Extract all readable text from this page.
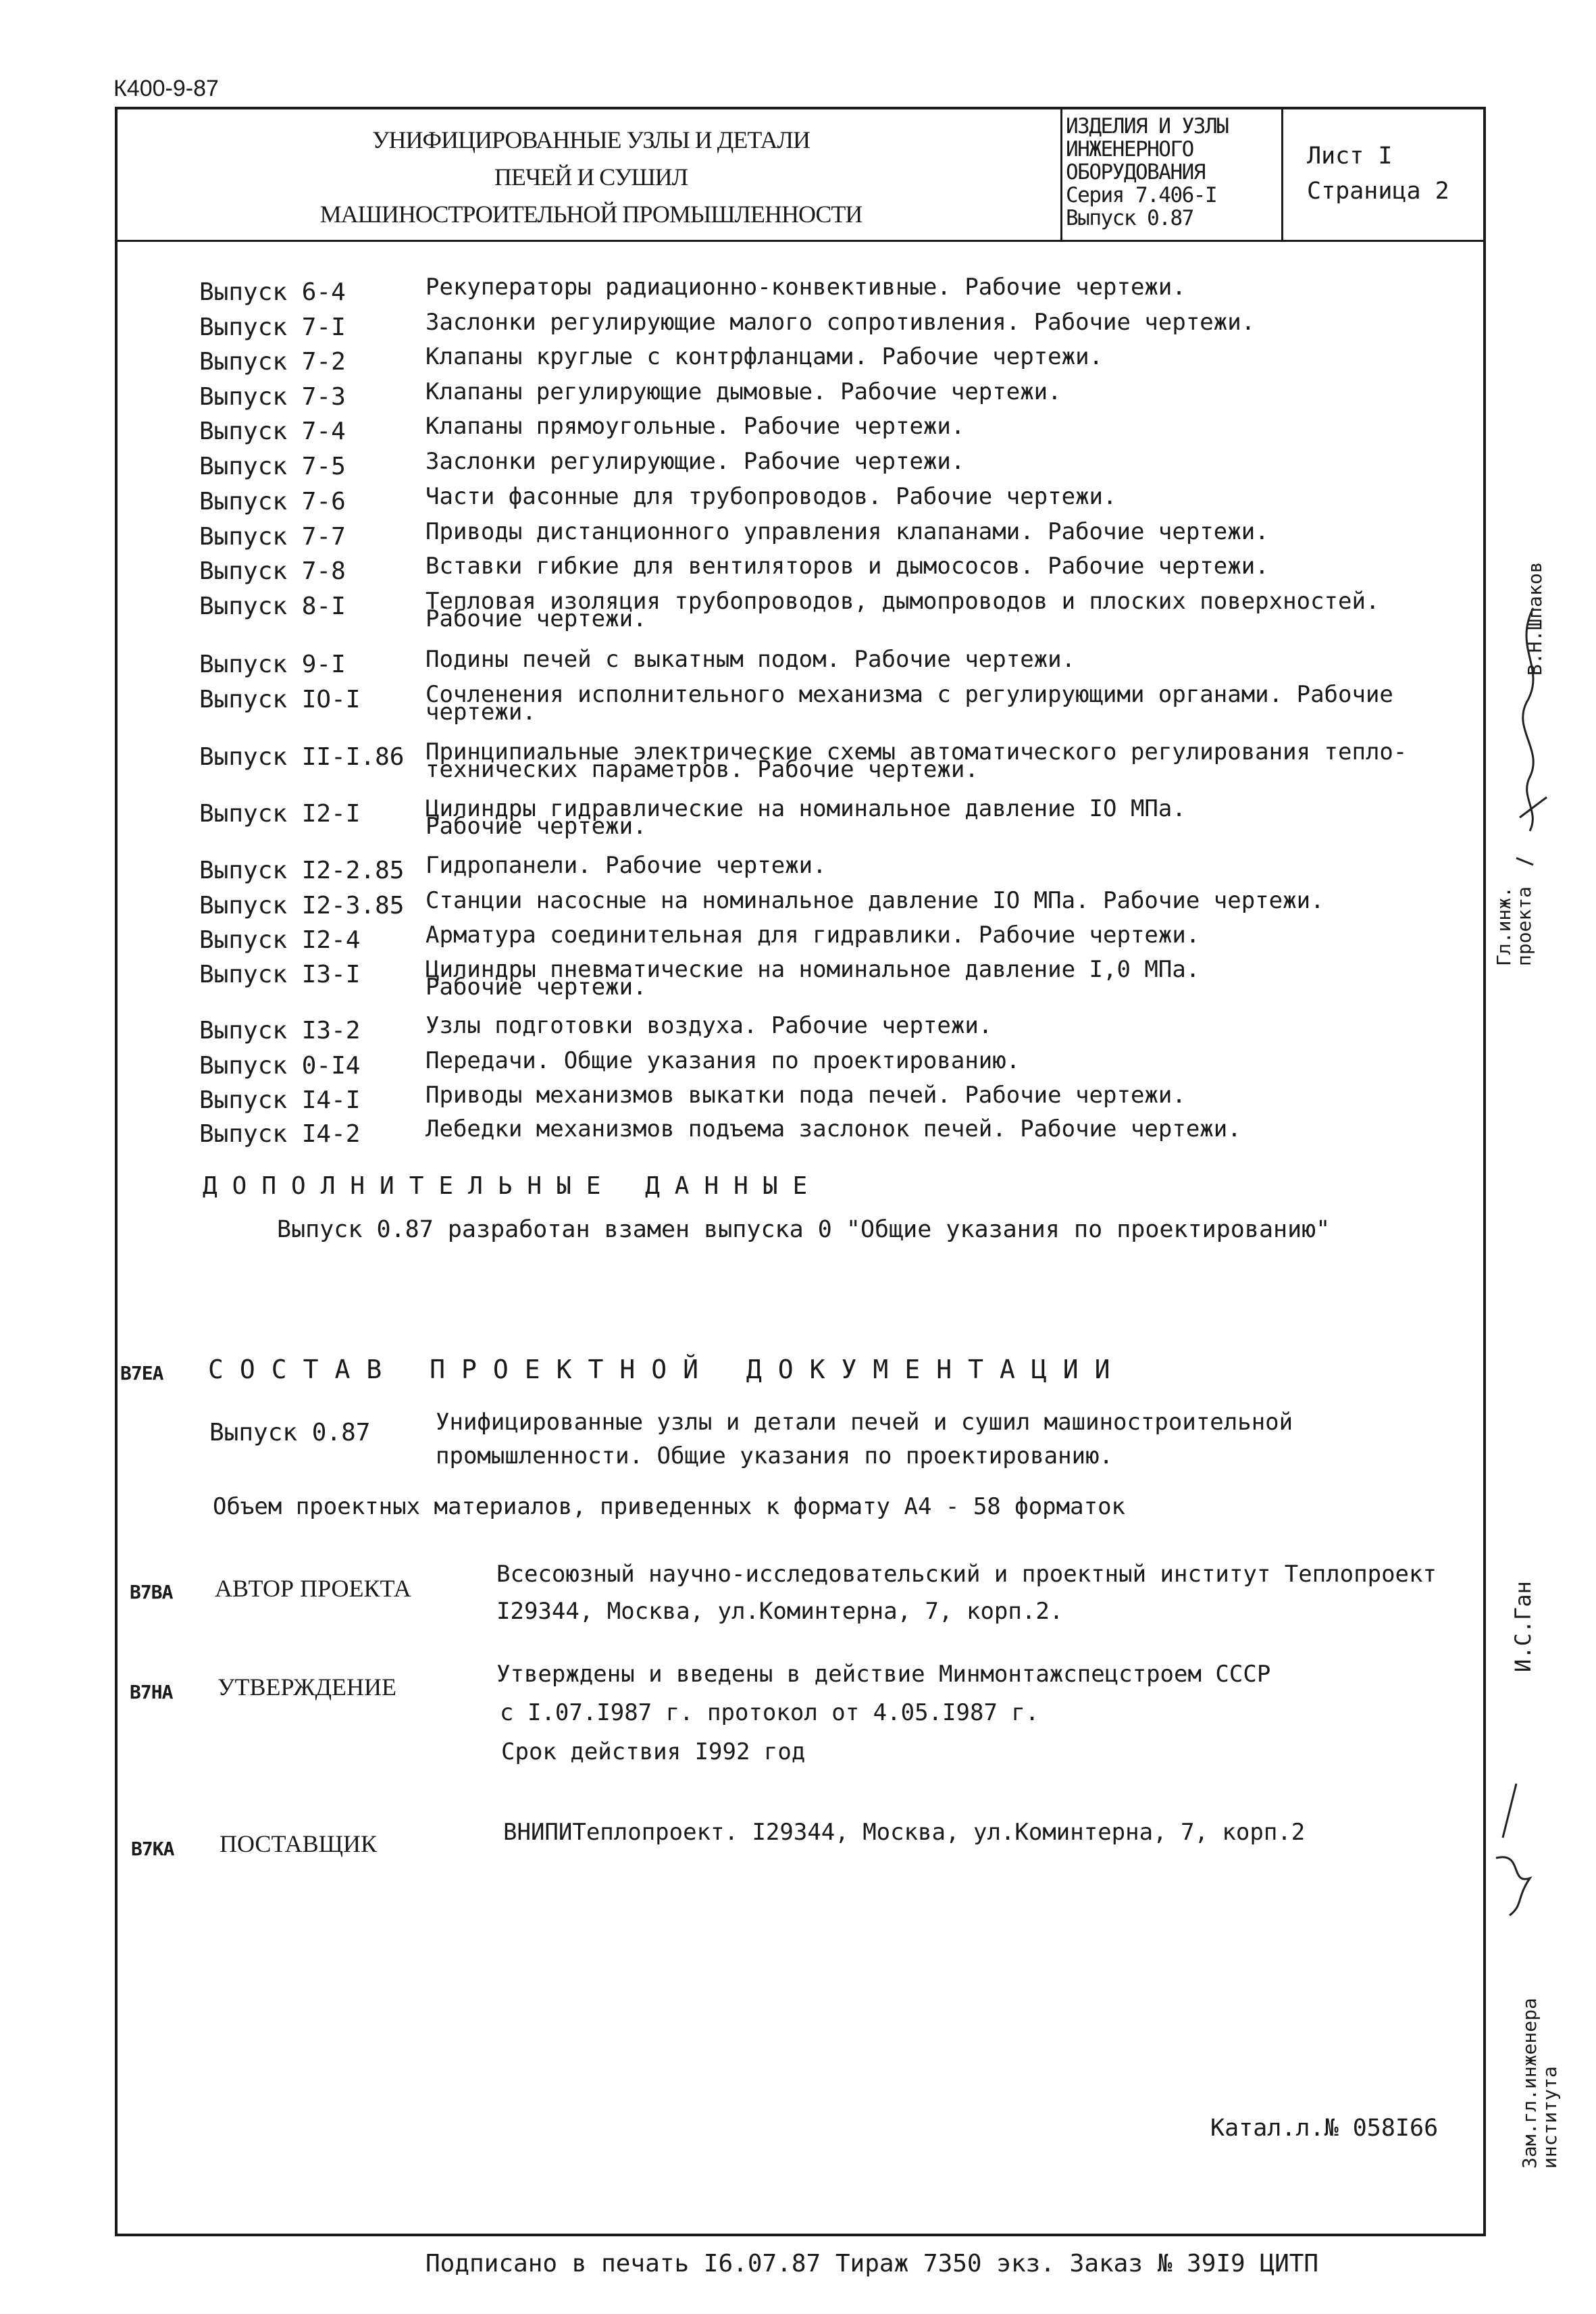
К400-9-87
УНИФИЦИРОВАННЫЕ УЗЛЫ И ДЕТАЛИ
ПЕЧЕЙ И СУШИЛ
МАШИНОСТРОИТЕЛЬНОЙ ПРОМЫШЛЕННОСТИ
ИЗДЕЛИЯ И УЗЛЫ
ИНЖЕНЕРНОГО
ОБОРУДОВАНИЯ
Серия 7.406-I
Выпуск 0.87
Лист I
Страница 2
Выпуск 6-4	Рекуператоры радиационно-конвективные. Рабочие чертежи.
Выпуск 7-I	Заслонки регулирующие малого сопротивления. Рабочие чертежи.
Выпуск 7-2	Клапаны круглые с контрфланцами. Рабочие чертежи.
Выпуск 7-3	Клапаны регулирующие дымовые. Рабочие чертежи.
Выпуск 7-4	Клапаны прямоугольные. Рабочие чертежи.
Выпуск 7-5	Заслонки регулирующие. Рабочие чертежи.
Выпуск 7-6	Части фасонные для трубопроводов. Рабочие чертежи.
Выпуск 7-7	Приводы дистанционного управления клапанами. Рабочие чертежи.
Выпуск 7-8	Вставки гибкие для вентиляторов и дымососов. Рабочие чертежи.
Выпуск 8-I	Тепловая изоляция трубопроводов, дымопроводов и плоских поверхностей.
Рабочие чертежи.
Выпуск 9-I	Подины печей с выкатным подом. Рабочие чертежи.
Выпуск IO-I	Сочленения исполнительного механизма с регулирующими органами. Рабочие
чертежи.
Выпуск II-I.86 Принципиальные электрические схемы автоматического регулирования тепло-
технических параметров. Рабочие чертежи.
Выпуск I2-I	Цилиндры гидравлические на номинальное давление IO МПа.
Рабочие чертежи.
Выпуск I2-2.85 Гидропанели. Рабочие чертежи.
Выпуск I2-3.85 Станции насосные на номинальное давление IO МПа. Рабочие чертежи.
Выпуск I2-4	Арматура соединительная для гидравлики. Рабочие чертежи.
Выпуск I3-I	Цилиндры пневматические на номинальное давление I,0 МПа.
Рабочие чертежи.
Выпуск I3-2	Узлы подготовки воздуха. Рабочие чертежи.
Выпуск 0-I4	Передачи. Общие указания по проектированию.
Выпуск I4-I	Приводы механизмов выкатки пода печей. Рабочие чертежи.
Выпуск I4-2	Лебедки механизмов подъема заслонок печей. Рабочие чертежи.
ДОПОЛНИТЕЛЬНЫЕ ДАННЫЕ
Выпуск 0.87 разработан взамен выпуска 0 "Общие указания по проектированию"
В7ЕА СОСТАВ ПРОЕКТНОЙ ДОКУМЕНТАЦИИ
Выпуск 0.87	Унифицированные узлы и детали печей и сушил машиностроительной
промышленности. Общие указания по проектированию.
Объем проектных материалов, приведенных к формату А4 - 58 форматок
В7ВА АВТОР ПРОЕКТА
Всесоюзный научно-исследовательский и проектный институт Теплопроект
I29344, Москва, ул.Коминтерна, 7, корп.2.
В7НА УТВЕРЖДЕНИЕ	Утверждены и введены в действие Минмонтажспецстроем СССР
с I.07.I987 г. протокол от 4.05.I987 г.
Срок действия I992 год
В7КА ПОСТАВЩИК	ВНИПИТеплопроект. I29344, Москва, ул.Коминтерна, 7, корп.2
Катал.л.№ 058I66
Подписано в печать I6.07.87 Тираж 7350 экз. Заказ № 39I9 ЦИТП
Гл.инж.
проекта
В.Н.Шпаков
И.С.Ган
Зам.гл.инженера
института
